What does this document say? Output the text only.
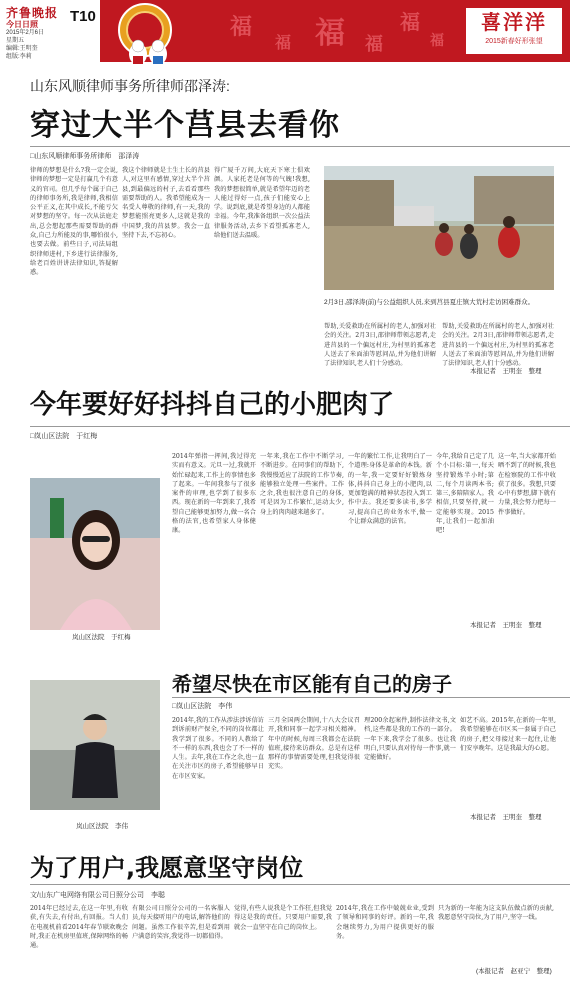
齐鲁晚报
今日日照
2015年2月6日
星期五
编辑:王明奎
组版:李莉
T10	福
福 福 福
福
福
喜洋洋
2015新春好形张望
山东风顺律师事务所律师邵泽涛:
穿过大半个莒县去看你
□山东风顺律师事务所律师　邵泽涛
律师的梦想是什么?我一定会说,律师的梦想一定是打赢几个有意义的官司。但几乎每个属于自己的律师事务所,我是律师,我相信公平正义,在其中成长,不能亏欠对梦想的坚守。每一次从法庭走出,总会想起那些需要帮助的群众,自己力所能及的事,哪怕很小,也要去做。前些日子,司法局组织律师进村,下乡进行法律服务,给老百姓讲讲法律知识,答疑解惑。
我这个律师就是土生土长的莒县人,对这里有感情,穿过大半个莒县,到最偏远的村子,去看看那些需要帮助的人。我希望能成为一名受人尊敬的律师,有一天,我的梦想能照亮更多人,这就是我的中国梦,我的莒县梦。我会一直坚持下去,不忘初心。
得广厦千万间,大庇天下寒士俱欢颜。人家托老是何等的气魄!我想,我的梦想很简单,就是希望年迈的老人能过得好一点,孩子们能安心上学。说到底,就是希望身边的人都能幸福。今年,我准备组织一次公益法律服务活动,去乡下看望孤寡老人,给他们送去温暖。
2月3日,邵泽涛(前)与公益组织人员,来到莒县夏庄镇大荒村走访困难群众。
帮助,关爱救助在所属村的老人,加强对社会的关注。2月3日,邵律师带领志愿者,走进莒县的一个偏远村庄,为村里的孤寡老人送去了米面油等慰问品,并为他们讲解了法律知识,老人们十分感动。
帮助,关爱救助在所属村的老人,加强对社会的关注。2月3日,邵律师带领志愿者,走进莒县的一个偏远村庄,为村里的孤寡老人送去了米面油等慰问品,并为他们讲解了法律知识,老人们十分感动。
本报记者　王明奎　整理
今年要好好抖抖自己的小肥肉了
□岚山区法院　于红梅
岚山区法院　于红梅
2014年弹指一挥间,我过得充实而有意义。元旦一过,我就开始忙碌起来,工作上的事情也多了起来。一年间我参与了很多案件的审理,也学到了很多东西。现在新的一年到来了,我希望自己能够更加努力,做一名合格的法官,也希望家人身体健康。
一年来,我在工作中不断学习,不断进步。在同事们的帮助下,我慢慢适应了法院的工作节奏,能够独立处理一些案件。工作之余,我也很注意自己的身体,可是因为工作繁忙,运动太少,身上的肉肉越来越多了。
一年的繁忙工作,让我明白了一个道理:身体是革命的本钱。新的一年,我一定要好好锻炼身体,抖抖自己身上的小肥肉,以更加饱满的精神状态投入到工作中去。我还要多读书,多学习,提高自己的业务水平,做一个让群众满意的法官。
今年,我给自己定了几个小目标:第一,每天坚持锻炼半小时;第二,每个月读两本书;第三,多陪陪家人。我相信,只要坚持,就一定能够实现。2015年,让我们一起加油吧!
这一年,当大家都开始晒不到了的时候,我也在检察院的工作中收获了很多。我想,只要心中有梦想,脚下就有力量,我会努力把每一件事做好。
本报记者　王明奎　整理
希望尽快在市区能有自己的房子
□岚山区法院　李伟
岚山区法院　李伟
2014年,我的工作从涉法涉诉信访到诉前财产保全,不同的岗位都让我学到了很多。不同的人教给了不一样的东西,我也会了不一样的人生。去年,我在工作之余,也一直在关注市区的房子,希望能够早日在市区安家。
三月全国两会期间,十八大会议召开,我和同事一起学习相关精神。年中的时候,每周三我都会在法院值班,接待来访群众。总是有这样那样的事情需要处理,但我觉得很充实。
理200余起案件,制作法律文书,文档,这些都是我的工作的一部分。一年下来,我学会了很多。也让我明白,只要认真对待每一件事,就一定能做好。
如艺不高。2015年,在新的一年里,我希望能够在市区买一套属于自己的房子,把父母接过来一起住,让他们安享晚年。这是我最大的心愿。
本报记者　王明奎　整理
为了用户,我愿意坚守岗位
文/山东广电网络有限公司日照分公司　李聪
2014年已经过去,在这一年里,有收获,有失去,有付出,有回报。当人们在电视机前看2014年春节联欢晚会时,我正在机房里值班,保障网络的畅通。
有限公司日照分公司的一名客服人员,每天接听用户的电话,解答他们的问题。虽然工作很辛苦,但是看到用户满意的笑容,我觉得一切都值得。
觉得,有些人说我是个工作狂,但我觉得这是我的责任。只要用户需要,我就会一直坚守在自己的岗位上。
2014年,我在工作中兢兢业业,受到了领导和同事的好评。新的一年,我会继续努力,为用户提供更好的服务。
只为新的一年能为这支队伍做点新的贡献,我愿意坚守岗位,为了用户,坚守一线。
(本报记者　赵亚宁　整理)
